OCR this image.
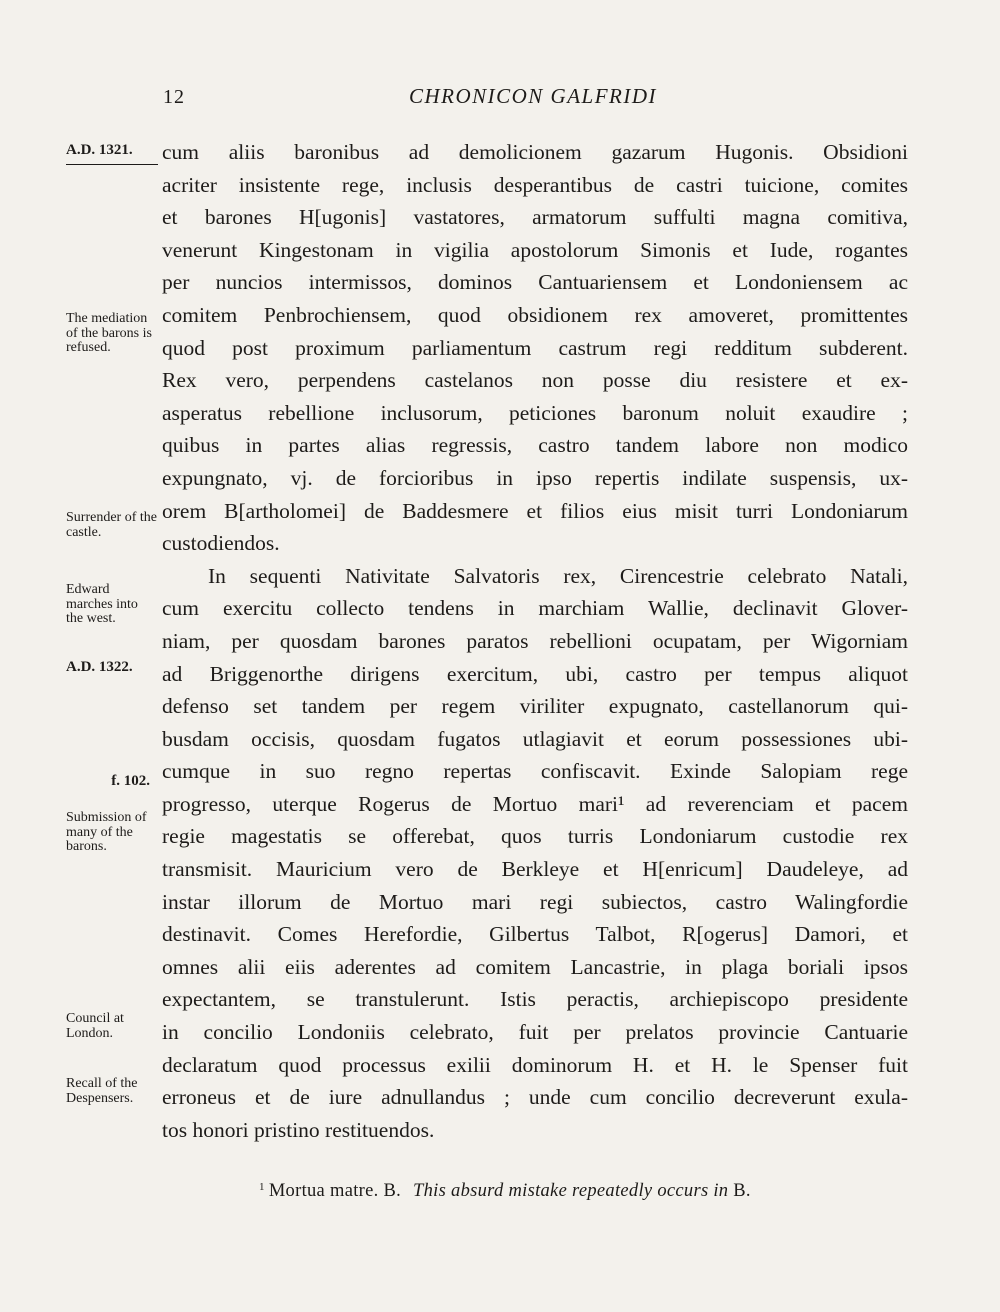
12	CHRONICON GALFRIDI
A.D. 1321.
The mediation of the barons is refused.
Surrender of the castle.
Edward marches into the west.
A.D. 1322.
f. 102.
Submission of many of the barons.
Council at London.
Recall of the Despensers.
cum aliis baronibus ad demolicionem gazarum Hugonis. Obsidioni
acriter insistente rege, inclusis desperantibus de castri tuicione, comites
et barones H[ugonis] vastatores, armatorum suffulti magna comitiva,
venerunt Kingestonam in vigilia apostolorum Simonis et Iude, rogantes
per nuncios intermissos, dominos Cantuariensem et Londoniensem ac
comitem Penbrochiensem, quod obsidionem rex amoveret, promittentes
quod post proximum parliamentum castrum regi redditum subderent.
Rex vero, perpendens castelanos non posse diu resistere et ex-
asperatus rebellione inclusorum, peticiones baronum noluit exaudire ;
quibus in partes alias regressis, castro tandem labore non modico
expungnato, vj. de forcioribus in ipso repertis indilate suspensis, ux-
orem B[artholomei] de Baddesmere et filios eius misit turri Londoniarum
custodiendos.
In sequenti Nativitate Salvatoris rex, Cirencestrie celebrato Natali,
cum exercitu collecto tendens in marchiam Wallie, declinavit Glover-
niam, per quosdam barones paratos rebellioni ocupatam, per Wigorniam
ad Briggenorthe dirigens exercitum, ubi, castro per tempus aliquot
defenso set tandem per regem viriliter expugnato, castellanorum qui-
busdam occisis, quosdam fugatos utlagiavit et eorum possessiones ubi-
cumque in suo regno repertas confiscavit. Exinde Salopiam rege
progresso, uterque Rogerus de Mortuo mari¹ ad reverenciam et pacem
regie magestatis se offerebat, quos turris Londoniarum custodie rex
transmisit. Mauricium vero de Berkleye et H[enricum] Daudeleye, ad
instar illorum de Mortuo mari regi subiectos, castro Walingfordie
destinavit. Comes Herefordie, Gilbertus Talbot, R[ogerus] Damori, et
omnes alii eiis aderentes ad comitem Lancastrie, in plaga boriali ipsos
expectantem, se transtulerunt. Istis peractis, archiepiscopo presidente
in concilio Londoniis celebrato, fuit per prelatos provincie Cantuarie
declaratum quod processus exilii dominorum H. et H. le Spenser fuit
erroneus et de iure adnullandus ; unde cum concilio decreverunt exula-
tos honori pristino restituendos.
$^1$ Mortua matre. B. This absurd mistake repeatedly occurs in B.
